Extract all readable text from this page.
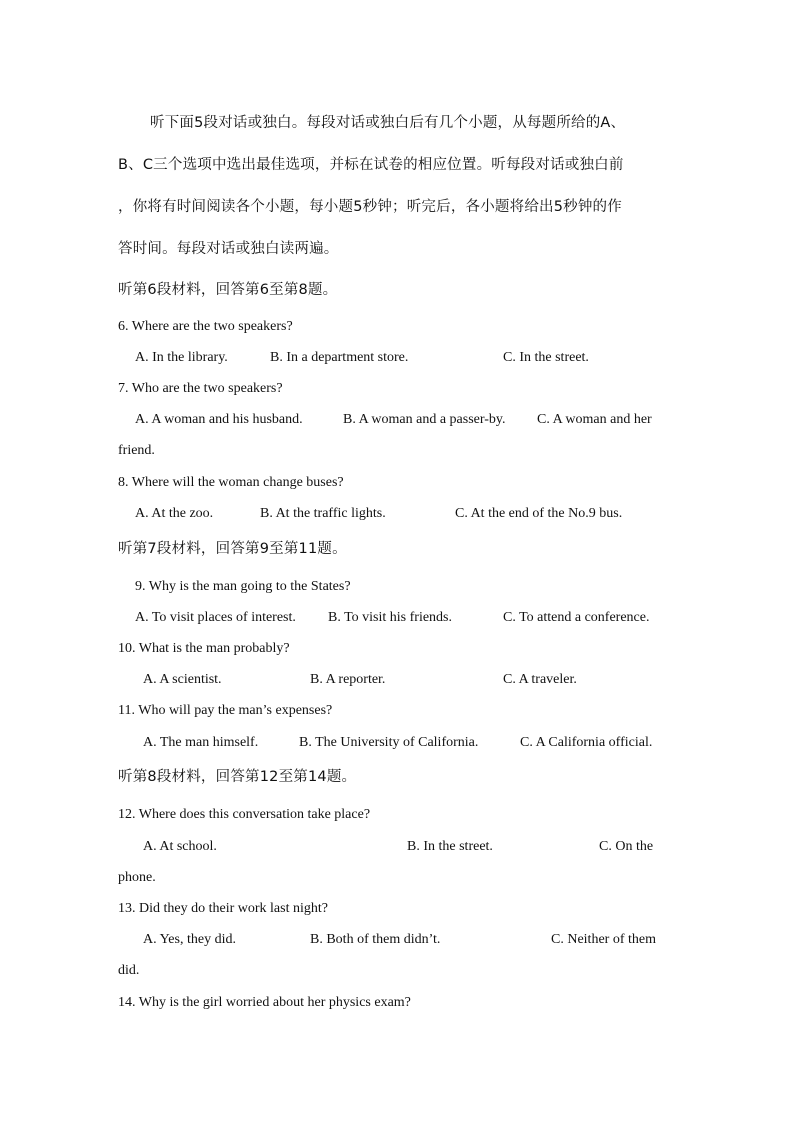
听下面5段对话或独白。每段对话或独白后有几个小题，从每题所给的A、
B、C三个选项中选出最佳选项，并标在试卷的相应位置。听每段对话或独白前
，你将有时间阅读各个小题，每小题5秒钟；听完后，各小题将给出5秒钟的作
答时间。每段对话或独白读两遍。
听第6段材料，回答第6至第8题。
6. Where are the two speakers?
A. In the library.	B. In a department store.	C. In the street.
7. Who are the two speakers?
A. A woman and his husband.	B. A woman and a passer-by. C. A woman and her
friend.
8. Where will the woman change buses?
A. At the zoo.	B. At the traffic lights.	C. At the end of the No.9 bus.
听第7段材料，回答第9至第11题。
9. Why is the man going to the States?
A. To visit places of interest. B. To visit his friends.	C. To attend a conference.
10. What is the man probably?
A. A scientist.	B. A reporter.	C. A traveler.
11. Who will pay the man’s expenses?
A. The man himself.	B. The University of California.	C. A California official.
听第8段材料，回答第12至第14题。
12. Where does this conversation take place?
A. At school.	B. In the street.	C. On the
phone.
13. Did they do their work last night?
A. Yes, they did.	B. Both of them didn’t.	C. Neither of them
did.
14. Why is the girl worried about her physics exam?
